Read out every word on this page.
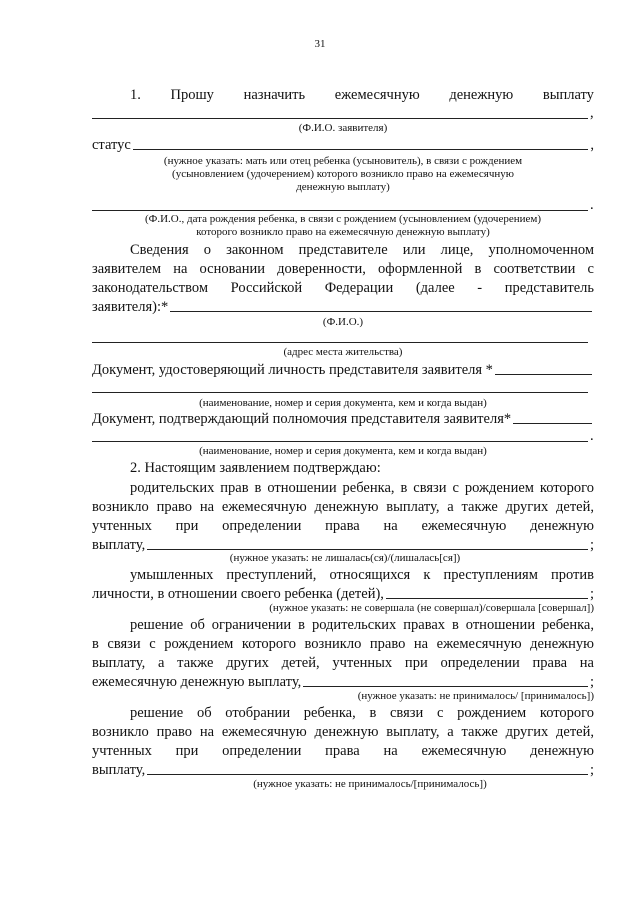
31
1. Прошу назначить ежемесячную денежную выплату
,
(Ф.И.О. заявителя)
статус	,
(нужное указать: мать или отец ребенка (усыновитель), в связи с рождением
(усыновлением (удочерением) которого возникло право на ежемесячную
денежную выплату)
.
(Ф.И.О., дата рождения ребенка, в связи с рождением (усыновлением (удочерением)
которого возникло право на ежемесячную денежную выплату)
Сведения о законном представителе или лице, уполномоченном
заявителем на основании доверенности, оформленной в соответствии с
законодательством Российской Федерации (далее - представитель
заявителя):*
(Ф.И.О.)
(адрес места жительства)
Документ, удостоверяющий личность представителя заявителя *
(наименование, номер и серия документа, кем и когда выдан)
Документ, подтверждающий полномочия представителя заявителя*
.
(наименование, номер и серия документа, кем и когда выдан)
2. Настоящим заявлением подтверждаю:
родительских прав в отношении ребенка, в связи с рождением которого
возникло право на ежемесячную денежную выплату, а также других детей,
учтенных при определении права на ежемесячную денежную
выплату,	;
(нужное указать: не лишалась(ся)/(лишалась[ся])
умышленных преступлений, относящихся к преступлениям против
личности, в отношении своего ребенка (детей),	;
(нужное указать: не совершала (не совершал)/совершала [совершал])
решение об ограничении в родительских правах в отношении ребенка,
в связи с рождением которого возникло право на ежемесячную денежную
выплату, а также других детей, учтенных при определении права на
ежемесячную денежную выплату,	;
(нужное указать: не принималось/ [принималось])
решение об отобрании ребенка, в связи с рождением которого
возникло право на ежемесячную денежную выплату, а также других детей,
учтенных при определении права на ежемесячную денежную
выплату,	;
(нужное указать: не принималось/[принималось])
